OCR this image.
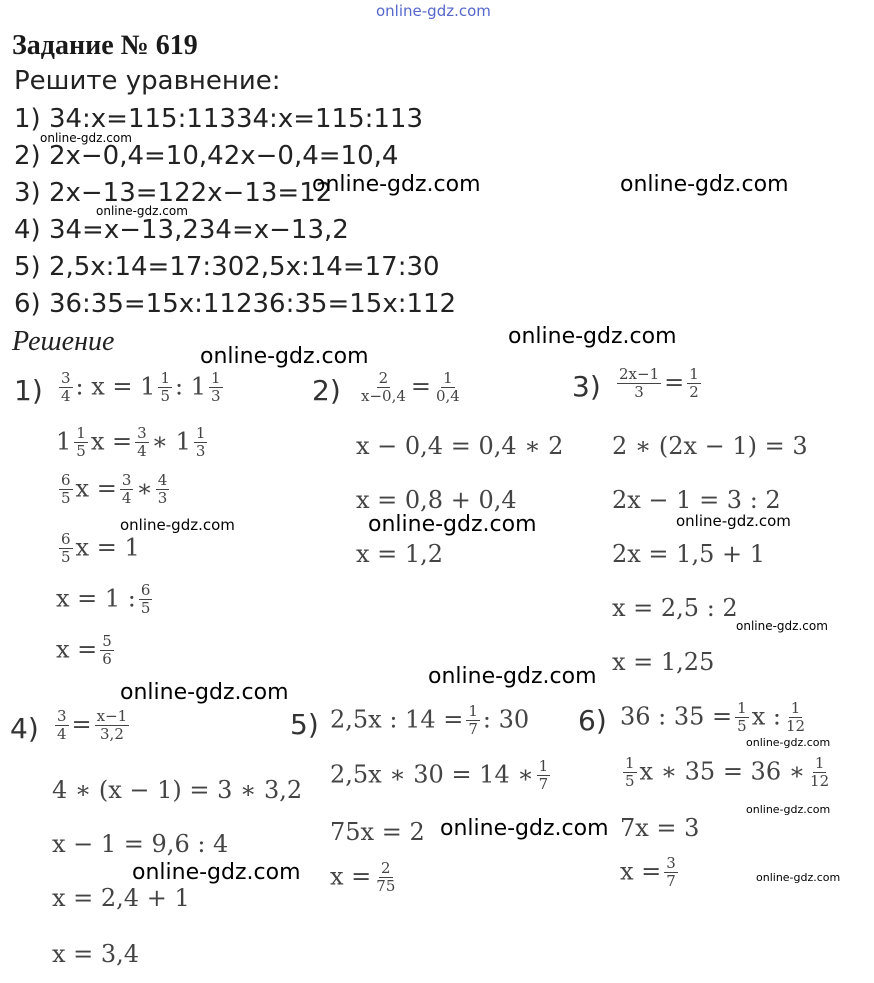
online-gdz.com
Задание № 619
Решите уравнение:
1) 34:x=115:11334:x=115:113
2) 2x−0,4=10,42x−0,4=10,4
3) 2x−13=122x−13=12
4) 34=x−13,234=x−13,2
5) 2,5x:14=17:302,5x:14=17:30
6) 36:35=15x:11236:35=15x:112
Решение
$1) \frac{3}{4}$ : $x = 1 \frac{1}{5}$ : $1 \frac{1}{3}$
$1 \frac{1}{5}$ $x = \frac{3}{4}$ ∗ $1 \frac{1}{3}$
$\frac{6}{5}$ $x = \frac{3}{4}$ ∗ $\frac{4}{3}$
$\frac{6}{5}$ x = 1
x = 1 : $\frac{6}{5}$
$x = \frac{5}{6}$
$2) \frac{2}{x-0,4} = \frac{1}{0,4}$
x − 0,4 = 0,4 ∗ 2
x = 0,8 + 0,4
x = 1,2
$3) \frac{2x-1}{3} = \frac{1}{2}$
2 ∗ (2x − 1) = 3
2x − 1 = 3 : 2
2x = 1,5 + 1
x = 2,5 : 2
x = 1,25
$4) \frac{3}{4} = \frac{x-1}{3,2}$
4 ∗ (x − 1) = 3 ∗ 3,2
x − 1 = 9,6 : 4
x = 2,4 + 1
x = 3,4
5) 2,5x : $14 = \frac{1}{7}$ : 30
2,5x ∗ 30 = 14 ∗ $\frac{1}{7}$
75x = 2
$x = \frac{2}{75}$
6) 36 : $35 = \frac{1}{5}$ x : $\frac{1}{12}$
$\frac{1}{5}$ x ∗ 35 = 36 ∗ $\frac{1}{12}$
7x = 3
$x = \frac{3}{7}$
online-gdz.com
online-gdz.com	online-gdz.com
online-gdz.com
online-gdz.com
online-gdz.com
online-gdz.com
online-gdz.com
online-gdz.com
online-gdz.com
online-gdz.com
online-gdz.com
online-gdz.com
online-gdz.com
online-gdz.com
online-gdz.com	online-gdz.com
